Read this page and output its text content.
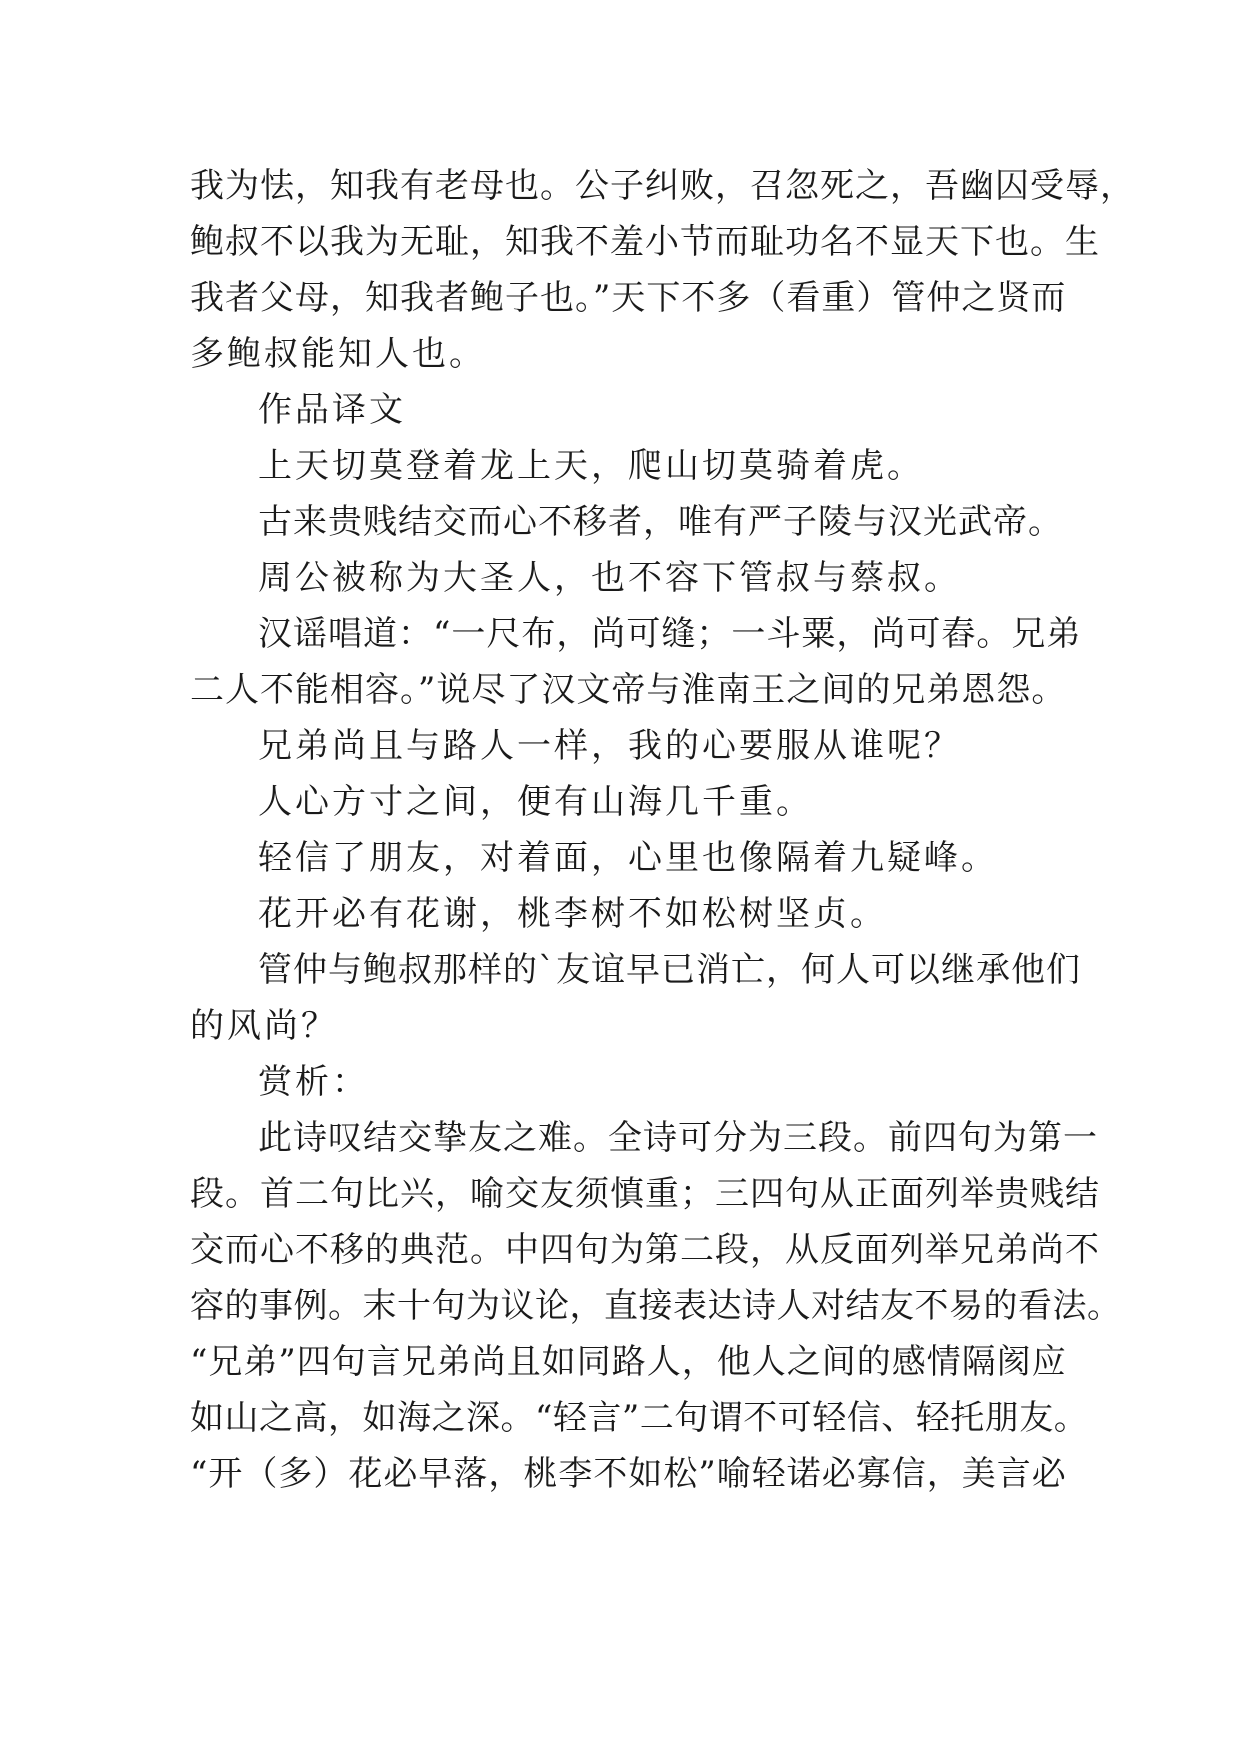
我为怯，知我有老母也。公子纠败，召忽死之，吾幽囚受辱，
鲍叔不以我为无耻，知我不羞小节而耻功名不显天下也。生
我者父母，知我者鲍子也。”天下不多（看重）管仲之贤而
多鲍叔能知人也。
作品译文
上天切莫登着龙上天，爬山切莫骑着虎。
古来贵贱结交而心不移者，唯有严子陵与汉光武帝。
周公被称为大圣人，也不容下管叔与蔡叔。
汉谣唱道：“一尺布，尚可缝；一斗粟，尚可舂。兄弟
二人不能相容。”说尽了汉文帝与淮南王之间的兄弟恩怨。
兄弟尚且与路人一样，我的心要服从谁呢？
人心方寸之间，便有山海几千重。
轻信了朋友，对着面，心里也像隔着九疑峰。
花开必有花谢，桃李树不如松树坚贞。
管仲与鲍叔那样的`友谊早已消亡，何人可以继承他们
的风尚？
赏析：
此诗叹结交挚友之难。全诗可分为三段。前四句为第一
段。首二句比兴，喻交友须慎重；三四句从正面列举贵贱结
交而心不移的典范。中四句为第二段，从反面列举兄弟尚不
容的事例。末十句为议论，直接表达诗人对结友不易的看法。
“兄弟”四句言兄弟尚且如同路人，他人之间的感情隔阂应
如山之高，如海之深。“轻言”二句谓不可轻信、轻托朋友。
“开（多）花必早落，桃李不如松”喻轻诺必寡信，美言必
